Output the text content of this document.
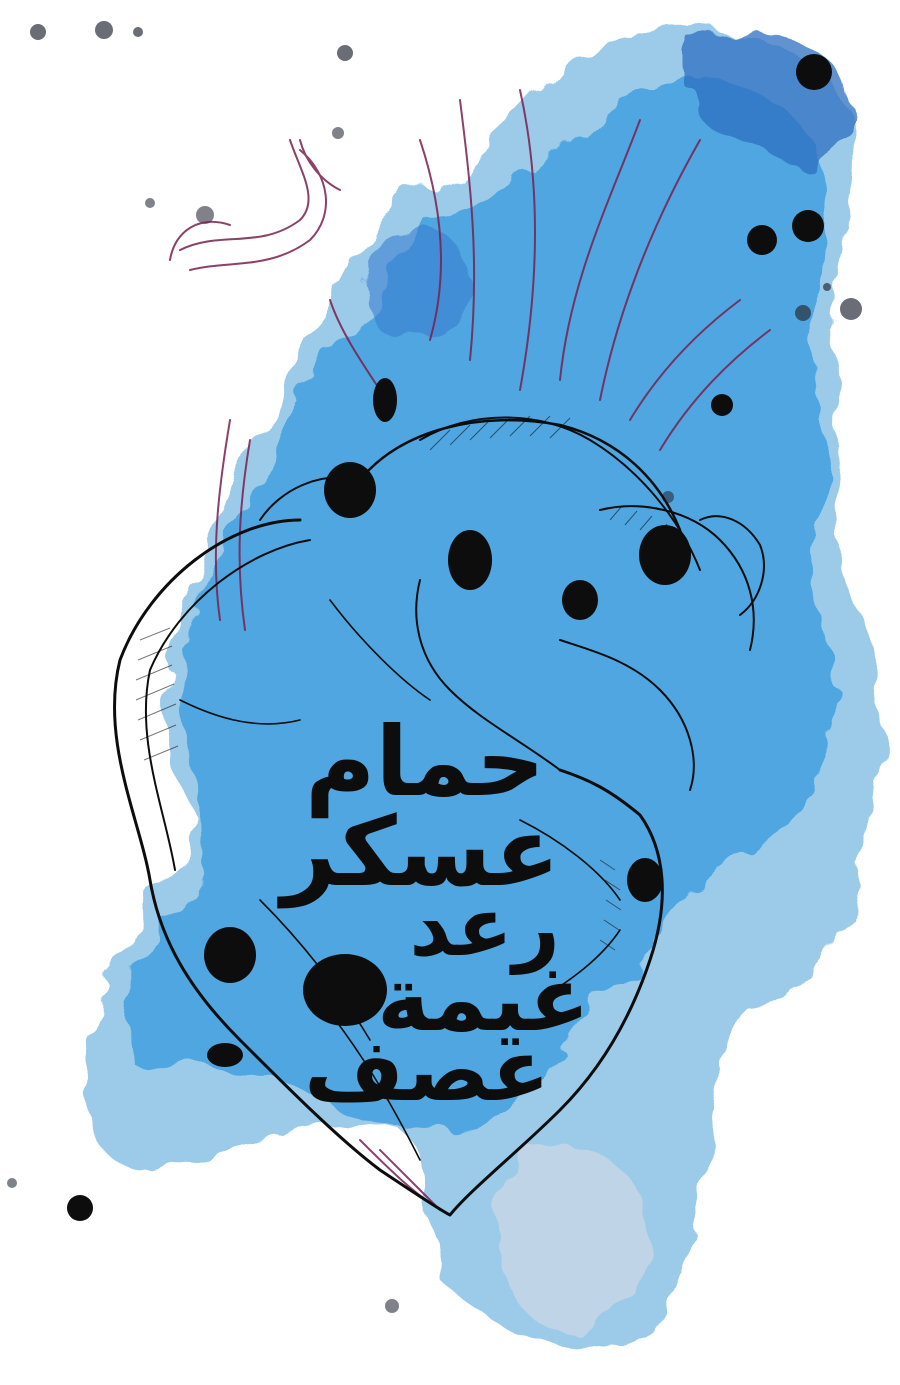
حمام
عسكر
رعد
غيمة
عصف
